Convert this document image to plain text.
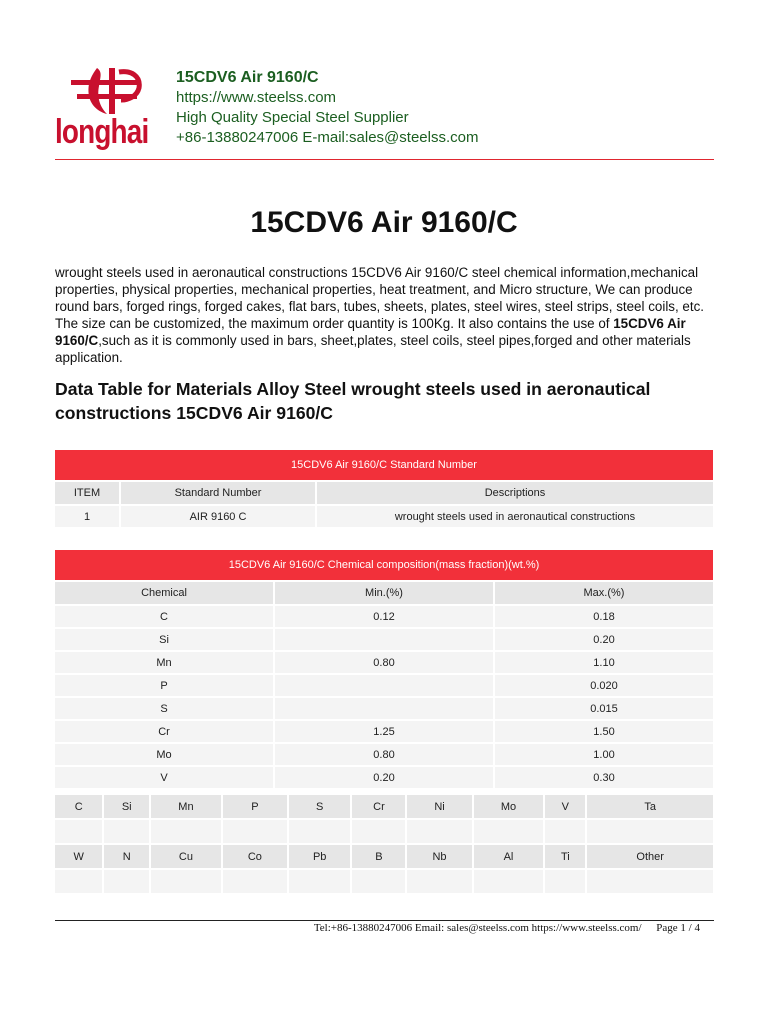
longhai
15CDV6 Air 9160/C
https://www.steelss.com
High Quality Special Steel Supplier
+86-13880247006 E-mail:sales@steelss.com
15CDV6 Air 9160/C

wrought steels used in aeronautical constructions 15CDV6 Air 9160/C steel chemical information,mechanical properties, physical properties, mechanical properties, heat treatment, and Micro structure, We can produce round bars, forged rings, forged cakes, flat bars, tubes, sheets, plates, steel wires, steel strips, steel coils, etc. The size can be customized, the maximum order quantity is 100Kg. It also contains the use of 15CDV6 Air 9160/C,such as it is commonly used in bars, sheet,plates, steel coils, steel pipes,forged and other materials application.

Data Table for Materials Alloy Steel wrought steels used in aeronautical constructions 15CDV6 Air 9160/C
15CDV6 Air 9160/C Standard Number		
ITEM	Standard Number	Descriptions
1	AIR 9160 C	wrought steels used in aeronautical constructions
15CDV6 Air 9160/C Chemical composition(mass fraction)(wt.%)		
Chemical	Min.(%)	Max.(%)
C	0.12	0.18
Si		0.20
Mn	0.80	1.10
P		0.020
S		0.015
Cr	1.25	1.50
Mo	0.80	1.00
V	0.20	0.30
C	Si	Mn	P	S	Cr	Ni	Mo	V	Ta

W	N	Cu	Co	Pb	B	Nb	Al	Ti	Other

Tel:+86-13880247006 Email: sales@steelss.com https://www.steelss.com/ Page 1 / 4
